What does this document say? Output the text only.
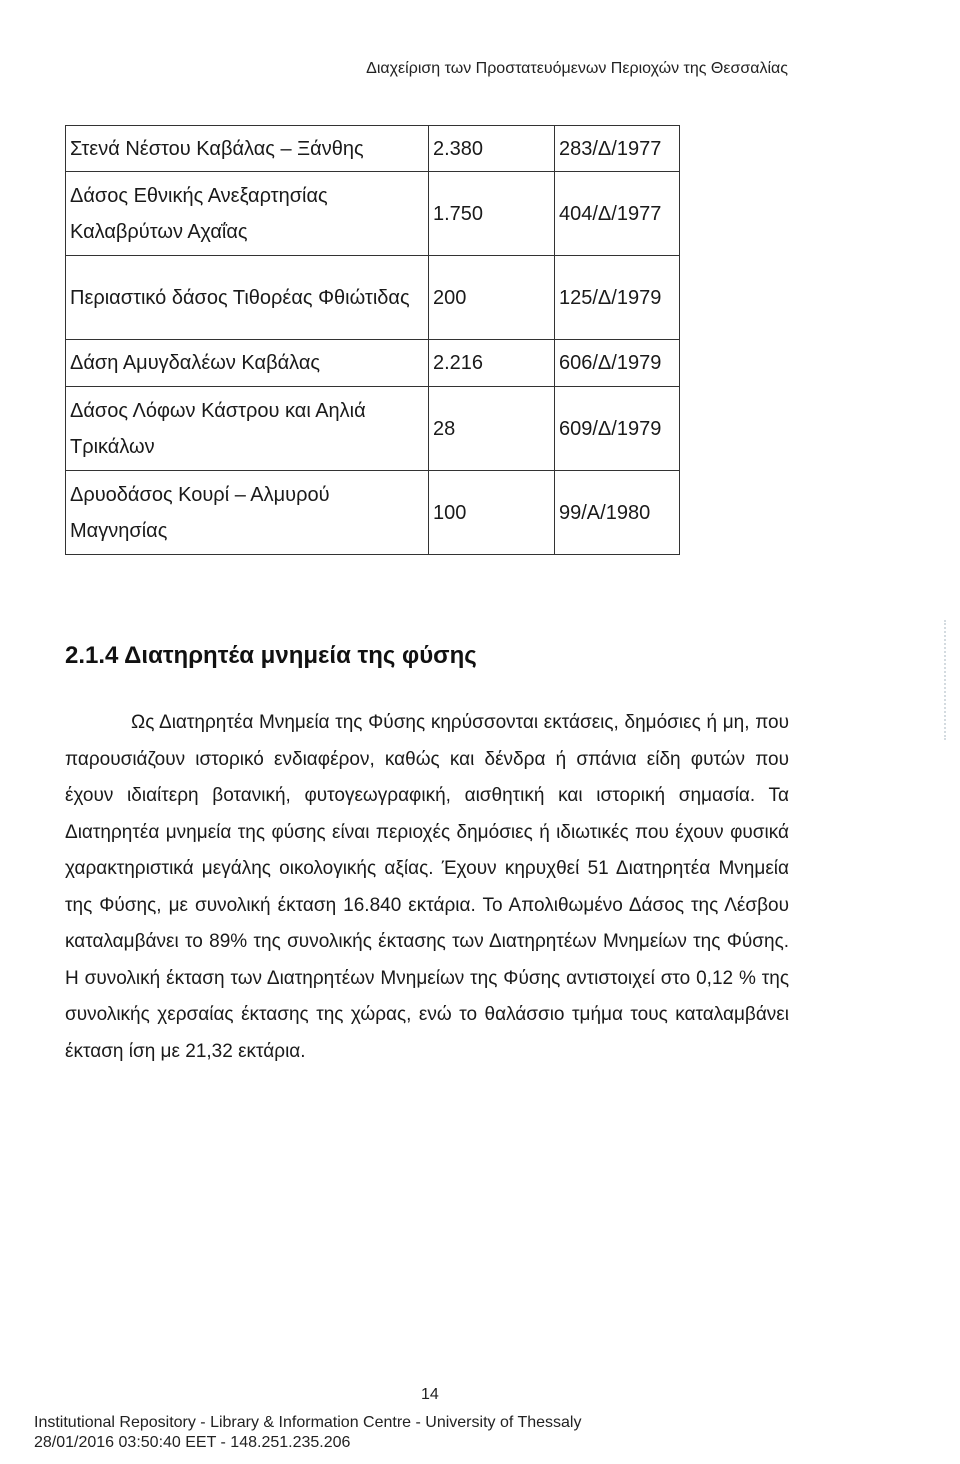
Διαχείριση των Προστατευόμενων Περιοχών της Θεσσαλίας
Στενά Νέστου Καβάλας – Ξάνθης	2.380	283/Δ/1977
Δάσος Εθνικής Ανεξαρτησίας Καλαβρύτων Αχαΐας	1.750	404/Δ/1977
Περιαστικό δάσος Τιθορέας Φθιώτιδας	200	125/Δ/1979
Δάση Αμυγδαλέων Καβάλας	2.216	606/Δ/1979
Δάσος Λόφων Κάστρου και Αηλιά Τρικάλων	28	609/Δ/1979
Δρυοδάσος Κουρί – Αλμυρού Μαγνησίας	100	99/Α/1980
2.1.4 Διατηρητέα μνημεία της φύσης

Ως Διατηρητέα Μνημεία της Φύσης κηρύσσονται εκτάσεις, δημόσιες ή μη, που παρουσιάζουν ιστορικό ενδιαφέρον, καθώς και δένδρα ή σπάνια είδη φυτών που έχουν ιδιαίτερη βοτανική, φυτογεωγραφική, αισθητική και ιστορική σημασία. Τα Διατηρητέα μνημεία της φύσης είναι περιοχές δημόσιες ή ιδιωτικές που έχουν φυσικά χαρακτηριστικά μεγάλης οικολογικής αξίας. Έχουν κηρυχθεί 51 Διατηρητέα Μνημεία της Φύσης, με συνολική έκταση 16.840 εκτάρια. Το Απολιθωμένο Δάσος της Λέσβου καταλαμβάνει το 89% της συνολικής έκτασης των Διατηρητέων Μνημείων της Φύσης. Η συνολική έκταση των Διατηρητέων Μνημείων της Φύσης αντιστοιχεί στο 0,12 % της συνολικής χερσαίας έκτασης της χώρας, ενώ το θαλάσσιο τμήμα τους καταλαμβάνει έκταση ίση με 21,32 εκτάρια.

14
Institutional Repository - Library & Information Centre - University of Thessaly
28/01/2016 03:50:40 EET - 148.251.235.206
